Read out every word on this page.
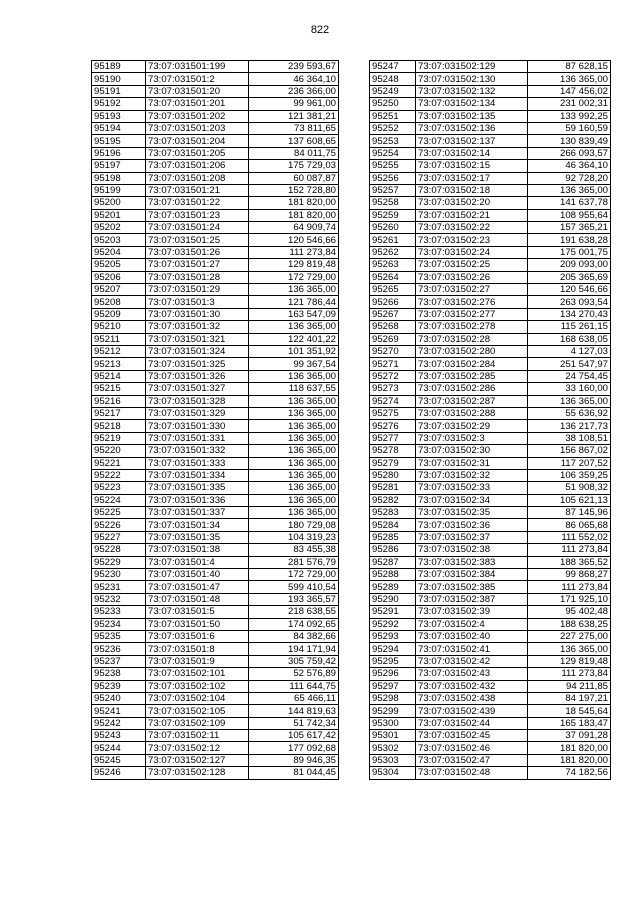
822
95189	73:07:031501:199	239 593,67
95190	73:07:031501:2	46 364,10
95191	73:07:031501:20	236 366,00
95192	73:07:031501:201	99 961,00
95193	73:07:031501:202	121 381,21
95194	73:07:031501:203	73 811,65
95195	73:07:031501:204	137 608,65
95196	73:07:031501:205	84 011,75
95197	73:07:031501:206	175 729,03
95198	73:07:031501:208	60 087,87
95199	73:07:031501:21	152 728,80
95200	73:07:031501:22	181 820,00
95201	73:07:031501:23	181 820,00
95202	73:07:031501:24	64 909,74
95203	73:07:031501:25	120 546,66
95204	73:07:031501:26	111 273,84
95205	73:07:031501:27	129 819,48
95206	73:07:031501:28	172 729,00
95207	73:07:031501:29	136 365,00
95208	73:07:031501:3	121 786,44
95209	73:07:031501:30	163 547,09
95210	73:07:031501:32	136 365,00
95211	73:07:031501:321	122 401,22
95212	73:07:031501:324	101 351,92
95213	73:07:031501:325	99 367,54
95214	73:07:031501:326	136 365,00
95215	73:07:031501:327	118 637,55
95216	73:07:031501:328	136 365,00
95217	73:07:031501:329	136 365,00
95218	73:07:031501:330	136 365,00
95219	73:07:031501:331	136 365,00
95220	73:07:031501:332	136 365,00
95221	73:07:031501:333	136 365,00
95222	73:07:031501:334	136 365,00
95223	73:07:031501:335	136 365,00
95224	73:07:031501:336	136 365,00
95225	73:07:031501:337	136 365,00
95226	73:07:031501:34	180 729,08
95227	73:07:031501:35	104 319,23
95228	73:07:031501:38	83 455,38
95229	73:07:031501:4	281 576,79
95230	73:07:031501:40	172 729,00
95231	73:07:031501:47	599 410,54
95232	73:07:031501:48	193 365,57
95233	73:07:031501:5	218 638,55
95234	73:07:031501:50	174 092,65
95235	73:07:031501:6	84 382,66
95236	73:07:031501:8	194 171,94
95237	73:07:031501:9	305 759,42
95238	73:07:031502:101	52 576,89
95239	73:07:031502:102	111 644,75
95240	73:07:031502:104	65 466,11
95241	73:07:031502:105	144 819,63
95242	73:07:031502:109	51 742,34
95243	73:07:031502:11	105 617,42
95244	73:07:031502:12	177 092,68
95245	73:07:031502:127	89 946,35
95246	73:07:031502:128	81 044,45
95247	73:07:031502:129	87 628,15
95248	73:07:031502:130	136 365,00
95249	73:07:031502:132	147 456,02
95250	73:07:031502:134	231 002,31
95251	73:07:031502:135	133 992,25
95252	73:07:031502:136	59 160,59
95253	73:07:031502:137	130 839,49
95254	73:07:031502:14	266 093,57
95255	73:07:031502:15	46 364,10
95256	73:07:031502:17	92 728,20
95257	73:07:031502:18	136 365,00
95258	73:07:031502:20	141 637,78
95259	73:07:031502:21	108 955,64
95260	73:07:031502:22	157 365,21
95261	73:07:031502:23	191 638,28
95262	73:07:031502:24	175 001,75
95263	73:07:031502:25	209 093,00
95264	73:07:031502:26	205 365,69
95265	73:07:031502:27	120 546,66
95266	73:07:031502:276	263 093,54
95267	73:07:031502:277	134 270,43
95268	73:07:031502:278	115 261,15
95269	73:07:031502:28	168 638,05
95270	73:07:031502:280	4 127,03
95271	73:07:031502:284	251 547,97
95272	73:07:031502:285	24 754,45
95273	73:07:031502:286	33 160,00
95274	73:07:031502:287	136 365,00
95275	73:07:031502:288	55 636,92
95276	73:07:031502:29	136 217,73
95277	73:07:031502:3	38 108,51
95278	73:07:031502:30	156 867,02
95279	73:07:031502:31	117 207,52
95280	73:07:031502:32	106 359,25
95281	73:07:031502:33	51 908,32
95282	73:07:031502:34	105 621,13
95283	73:07:031502:35	87 145,96
95284	73:07:031502:36	86 065,68
95285	73:07:031502:37	111 552,02
95286	73:07:031502:38	111 273,84
95287	73:07:031502:383	188 365,52
95288	73:07:031502:384	99 868,27
95289	73:07:031502:385	111 273,84
95290	73:07:031502:387	171 925,10
95291	73:07:031502:39	95 402,48
95292	73:07:031502:4	188 638,25
95293	73:07:031502:40	227 275,00
95294	73:07:031502:41	136 365,00
95295	73:07:031502:42	129 819,48
95296	73:07:031502:43	111 273,84
95297	73:07:031502:432	94 211,85
95298	73:07:031502:438	84 197,21
95299	73:07:031502:439	18 545,64
95300	73:07:031502:44	165 183,47
95301	73:07:031502:45	37 091,28
95302	73:07:031502:46	181 820,00
95303	73:07:031502:47	181 820,00
95304	73:07:031502:48	74 182,56
